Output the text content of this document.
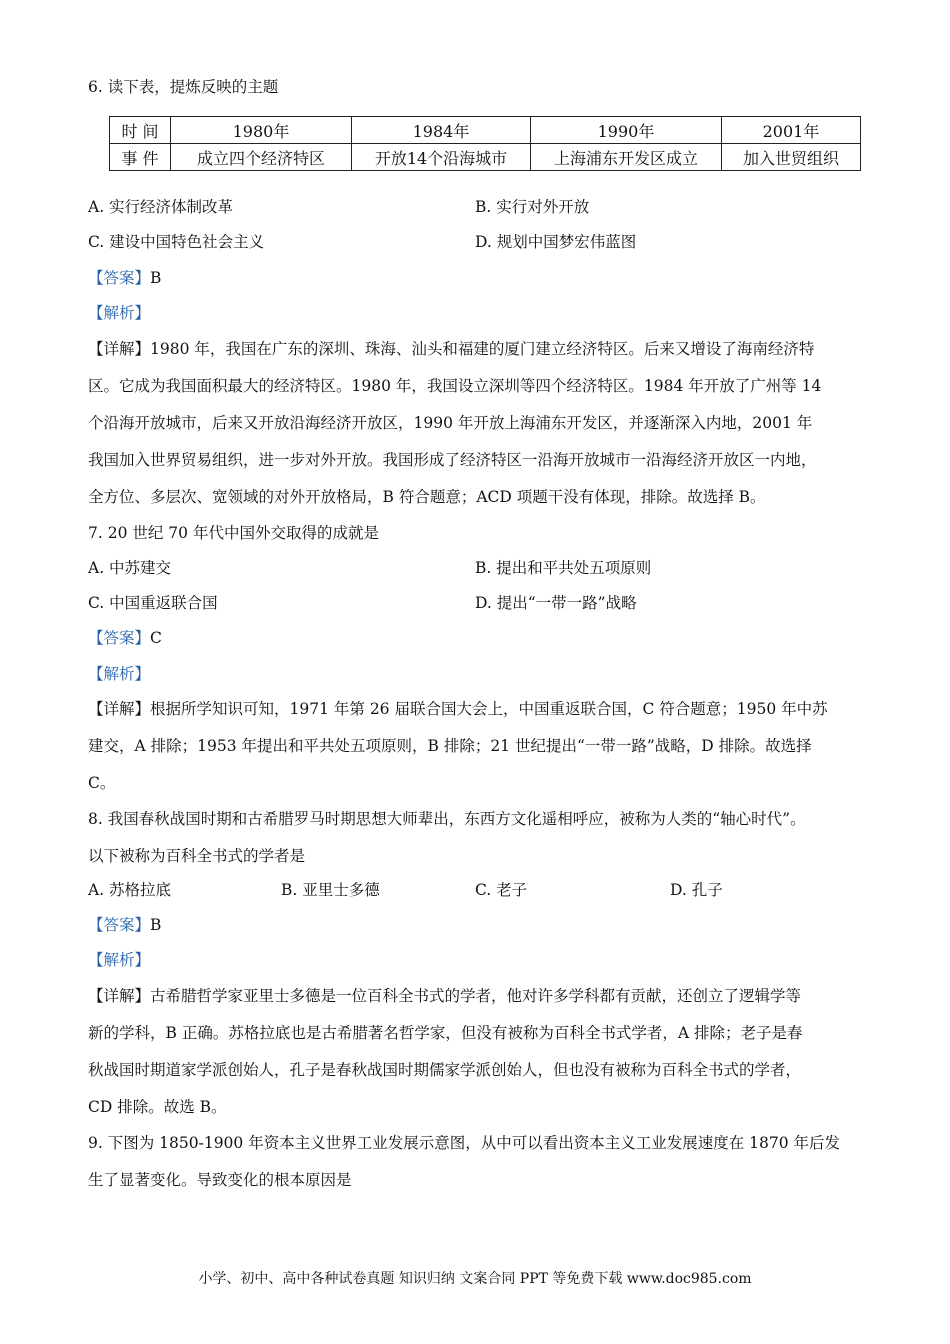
6. 读下表，提炼反映的主题
时 间	1980年	1984年	1990年	2001年
事 件	成立四个经济特区	开放14个沿海城市	上海浦东开发区成立	加入世贸组织
A. 实行经济体制改革	B. 实行对外开放
C. 建设中国特色社会主义	D. 规划中国梦宏伟蓝图
【答案】B
【解析】
【详解】1980 年，我国在广东的深圳、珠海、汕头和福建的厦门建立经济特区。后来又增设了海南经济特
区。它成为我国面积最大的经济特区。1980 年，我国设立深圳等四个经济特区。1984 年开放了广州等 14
个沿海开放城市，后来又开放沿海经济开放区，1990 年开放上海浦东开发区，并逐渐深入内地，2001 年
我国加入世界贸易组织，进一步对外开放。我国形成了经济特区一沿海开放城市一沿海经济开放区一内地，
全方位、多层次、宽领域的对外开放格局，B 符合题意；ACD 项题干没有体现，排除。故选择 B。
7. 20 世纪 70 年代中国外交取得的成就是
A. 中苏建交	B. 提出和平共处五项原则
C. 中国重返联合国	D. 提出“一带一路”战略
【答案】C
【解析】
【详解】根据所学知识可知，1971 年第 26 届联合国大会上，中国重返联合国，C 符合题意；1950 年中苏
建交，A 排除；1953 年提出和平共处五项原则，B 排除；21 世纪提出“一带一路”战略，D 排除。故选择
C。
8. 我国春秋战国时期和古希腊罗马时期思想大师辈出，东西方文化遥相呼应，被称为人类的“轴心时代”。
以下被称为百科全书式的学者是
A. 苏格拉底	B. 亚里士多德	C. 老子	D. 孔子
【答案】B
【解析】
【详解】古希腊哲学家亚里士多德是一位百科全书式的学者，他对许多学科都有贡献，还创立了逻辑学等
新的学科，B 正确。苏格拉底也是古希腊著名哲学家，但没有被称为百科全书式学者，A 排除；老子是春
秋战国时期道家学派创始人，孔子是春秋战国时期儒家学派创始人，但也没有被称为百科全书式的学者，
CD 排除。故选 B。
9. 下图为 1850-1900 年资本主义世界工业发展示意图，从中可以看出资本主义工业发展速度在 1870 年后发
生了显著变化。导致变化的根本原因是
小学、初中、高中各种试卷真题 知识归纳 文案合同 PPT 等免费下载 www.doc985.com
